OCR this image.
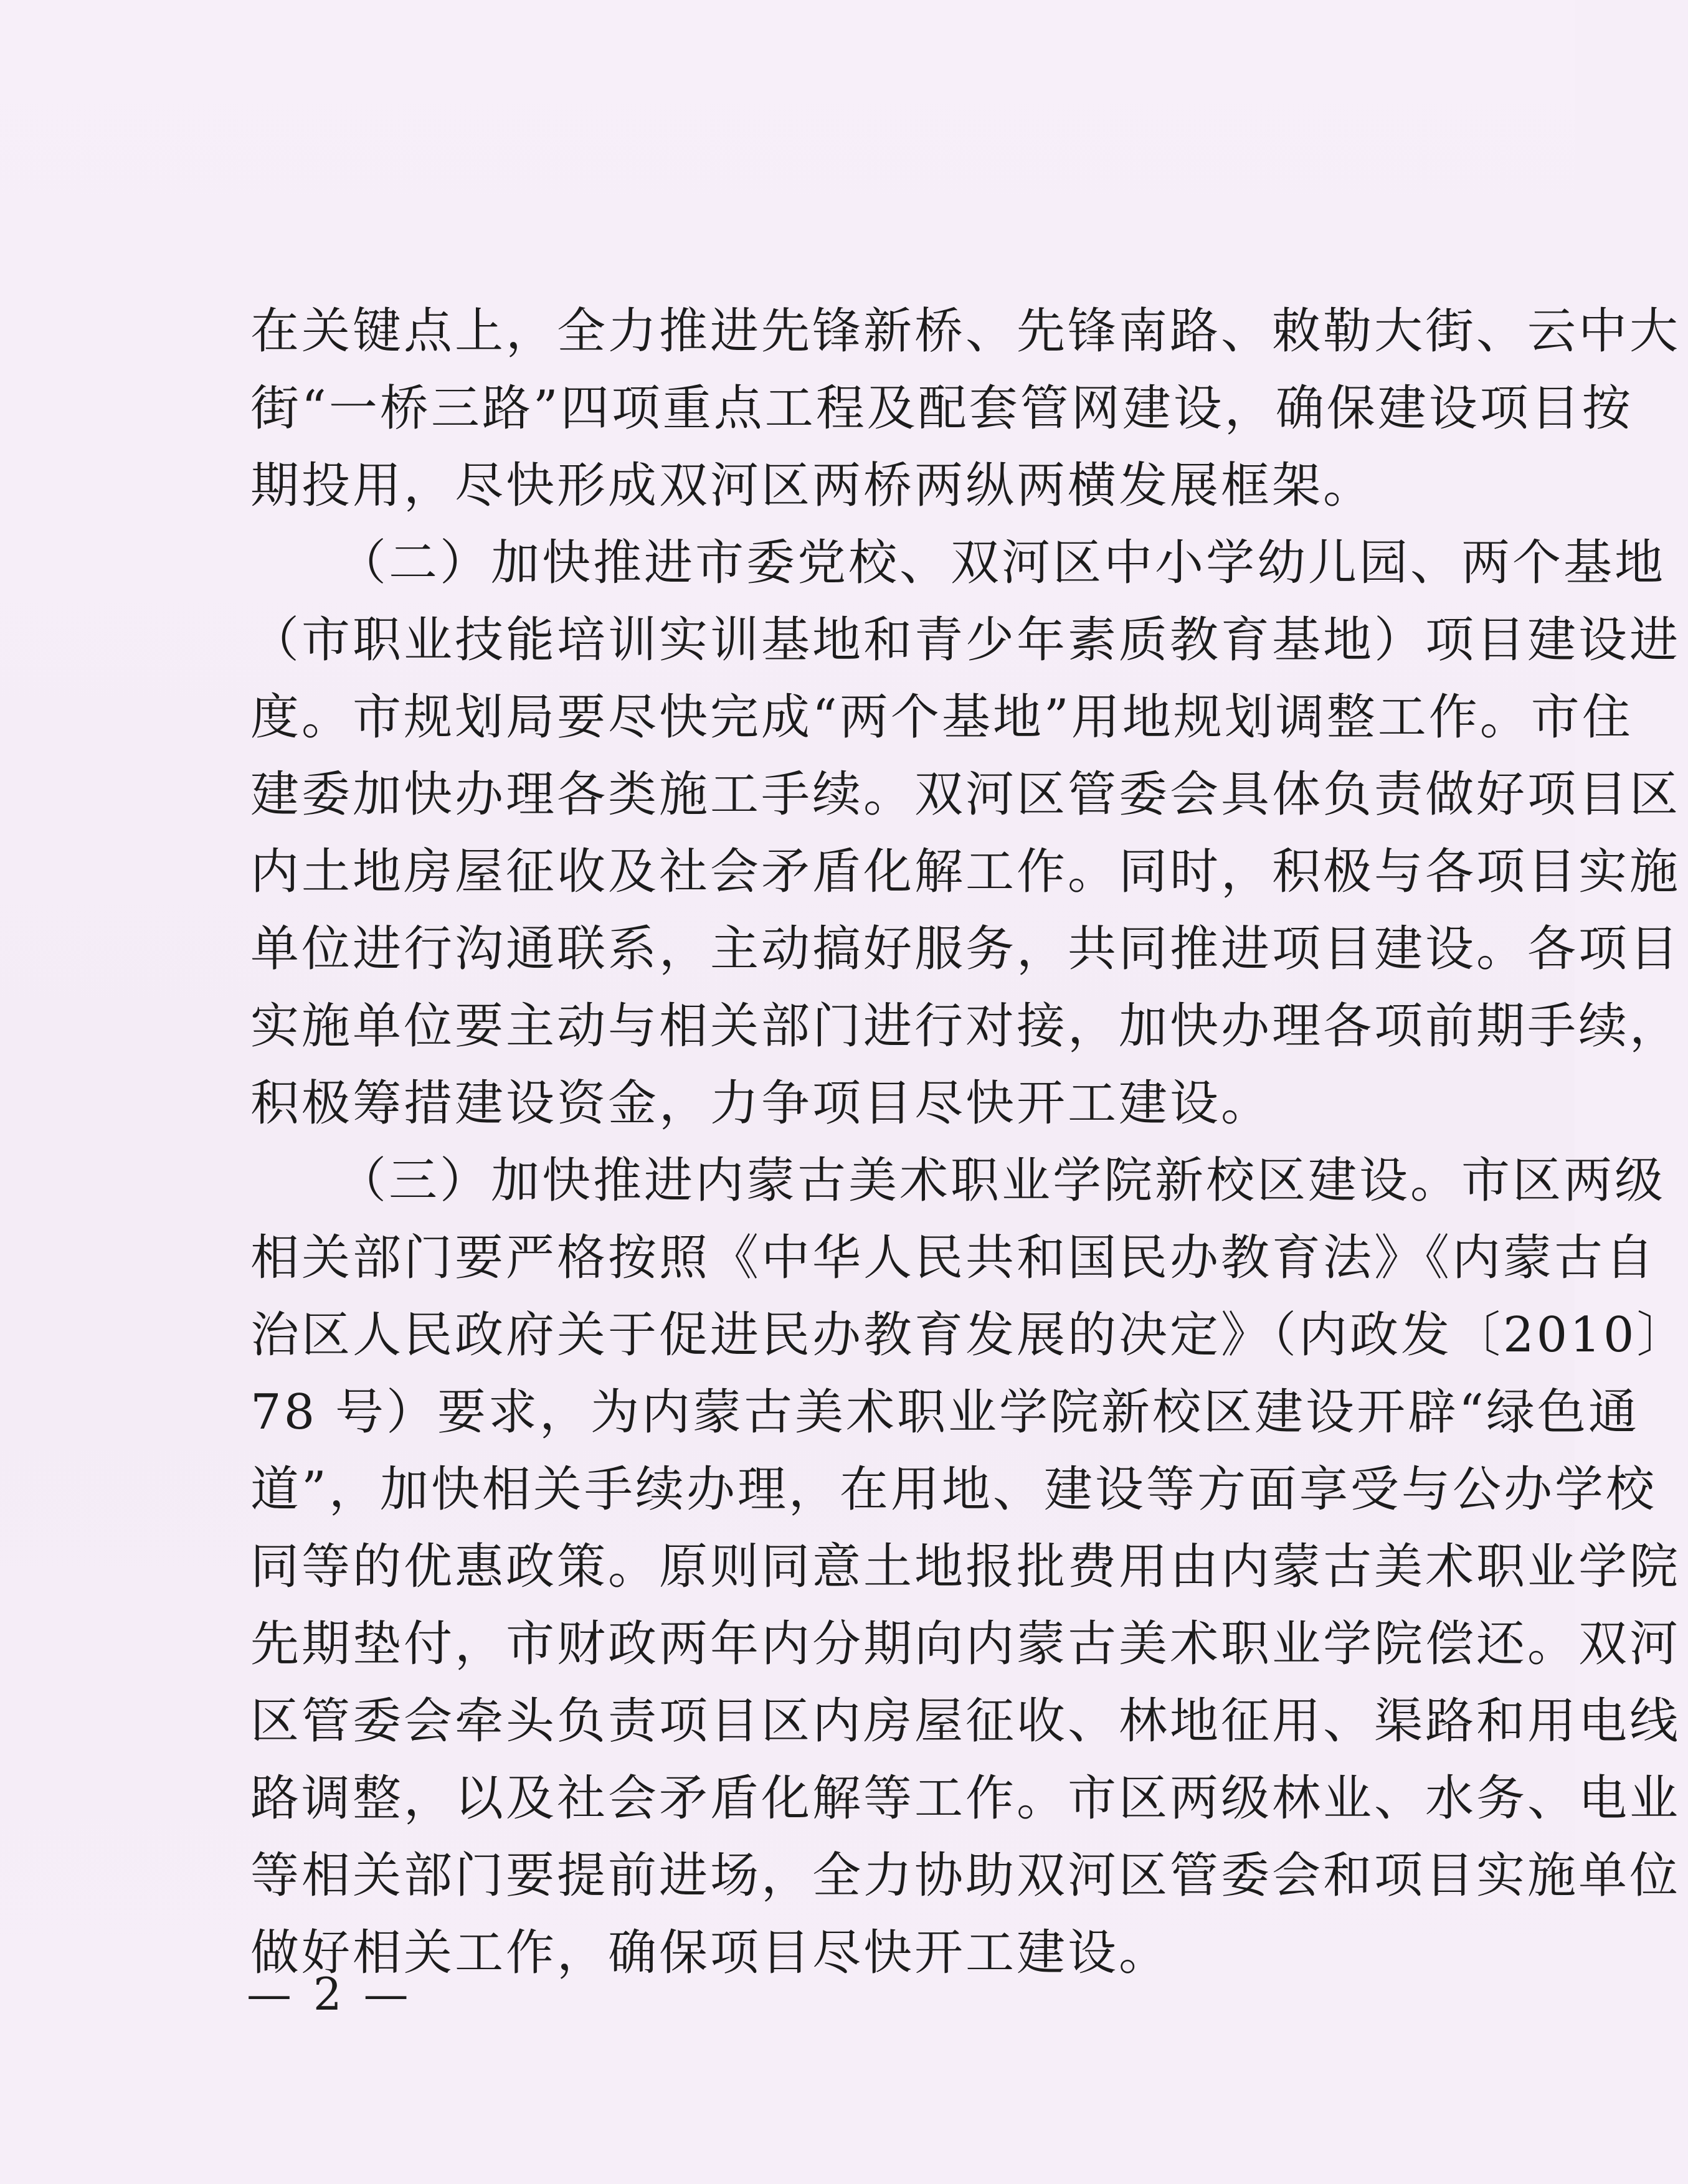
在关键点上，全力推进先锋新桥、先锋南路、敕勒大街、云中大
街“一桥三路”四项重点工程及配套管网建设，确保建设项目按
期投用，尽快形成双河区两桥两纵两横发展框架。
（二）加快推进市委党校、双河区中小学幼儿园、两个基地
（市职业技能培训实训基地和青少年素质教育基地）项目建设进
度。市规划局要尽快完成“两个基地”用地规划调整工作。市住
建委加快办理各类施工手续。双河区管委会具体负责做好项目区
内土地房屋征收及社会矛盾化解工作。同时，积极与各项目实施
单位进行沟通联系，主动搞好服务，共同推进项目建设。各项目
实施单位要主动与相关部门进行对接，加快办理各项前期手续，
积极筹措建设资金，力争项目尽快开工建设。
（三）加快推进内蒙古美术职业学院新校区建设。市区两级
相关部门要严格按照《中华人民共和国民办教育法》《内蒙古自
治区人民政府关于促进民办教育发展的决定》（内政发〔2010〕
78 号）要求，为内蒙古美术职业学院新校区建设开辟“绿色通
道”，加快相关手续办理，在用地、建设等方面享受与公办学校
同等的优惠政策。原则同意土地报批费用由内蒙古美术职业学院
先期垫付，市财政两年内分期向内蒙古美术职业学院偿还。双河
区管委会牵头负责项目区内房屋征收、林地征用、渠路和用电线
路调整，以及社会矛盾化解等工作。市区两级林业、水务、电业
等相关部门要提前进场，全力协助双河区管委会和项目实施单位
做好相关工作，确保项目尽快开工建设。
— 2 —
